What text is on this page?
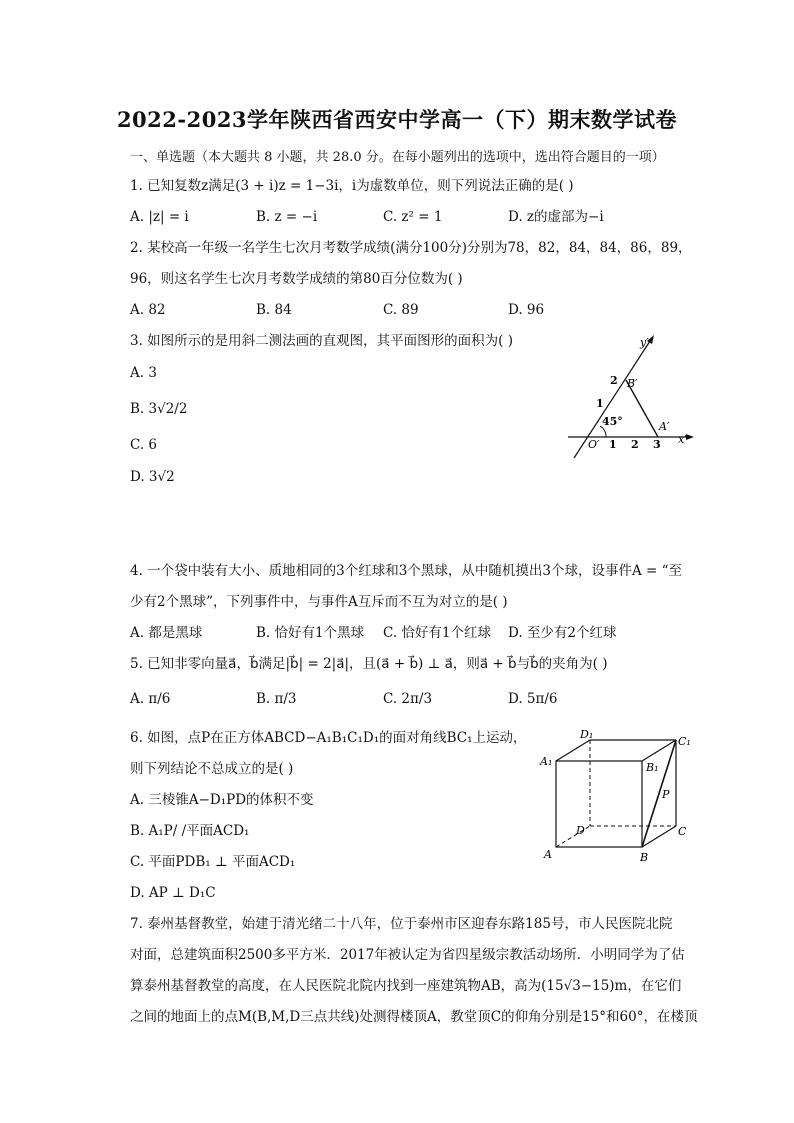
2022-2023学年陕西省西安中学高一（下）期末数学试卷
一、单选题（本大题共 8 小题，共 28.0 分。在每小题列出的选项中，选出符合题目的一项）
1. 已知复数z满足(3 + i)z = 1−3i，i为虚数单位，则下列说法正确的是( )
A. |z| = i	B. z = −i	C. z² = 1	D. z的虚部为−i
2. 某校高一年级一名学生七次月考数学成绩(满分100分)分别为78，82，84，84，86，89，
96，则这名学生七次月考数学成绩的第80百分位数为( )
A. 82	B. 84	C. 89	D. 96
3. 如图所示的是用斜二测法画的直观图，其平面图形的面积为( )
A. 3
B. 3√2/2
C. 6
D. 3√2
y′
x′
O′
B′
A′
45°
1 2 3
1
2
4. 一个袋中装有大小、质地相同的3个红球和3个黑球，从中随机摸出3个球，设事件A = “至
少有2个黑球”，下列事件中，与事件A互斥而不互为对立的是( )
A. 都是黑球	B. 恰好有1个黑球 C. 恰好有1个红球 D. 至少有2个红球
5. 已知非零向量a⃗，b⃗满足|b⃗| = 2|a⃗|，且(a⃗ + b⃗) ⊥ a⃗，则a⃗ + b⃗与b⃗的夹角为( )
A. π/6	B. π/3	C. 2π/3	D. 5π/6
6. 如图，点P在正方体ABCD−A₁B₁C₁D₁的面对角线BC₁上运动，
则下列结论不总成立的是( )
A. 三棱锥A−D₁PD的体积不变
B. A₁P/ /平面ACD₁
C. 平面PDB₁ ⊥ 平面ACD₁
D. AP ⊥ D₁C
D₁
C₁
A₁	B₁
P
D	C
A	B
7. 泰州基督教堂，始建于清光绪二十八年，位于泰州市区迎春东路185号，市人民医院北院
对面，总建筑面积2500多平方米．2017年被认定为省四星级宗教活动场所．小明同学为了估
算泰州基督教堂的高度，在人民医院北院内找到一座建筑物AB，高为(15√3−15)m，在它们
之间的地面上的点M(B,M,D三点共线)处测得楼顶A，教堂顶C的仰角分别是15°和60°，在楼顶
